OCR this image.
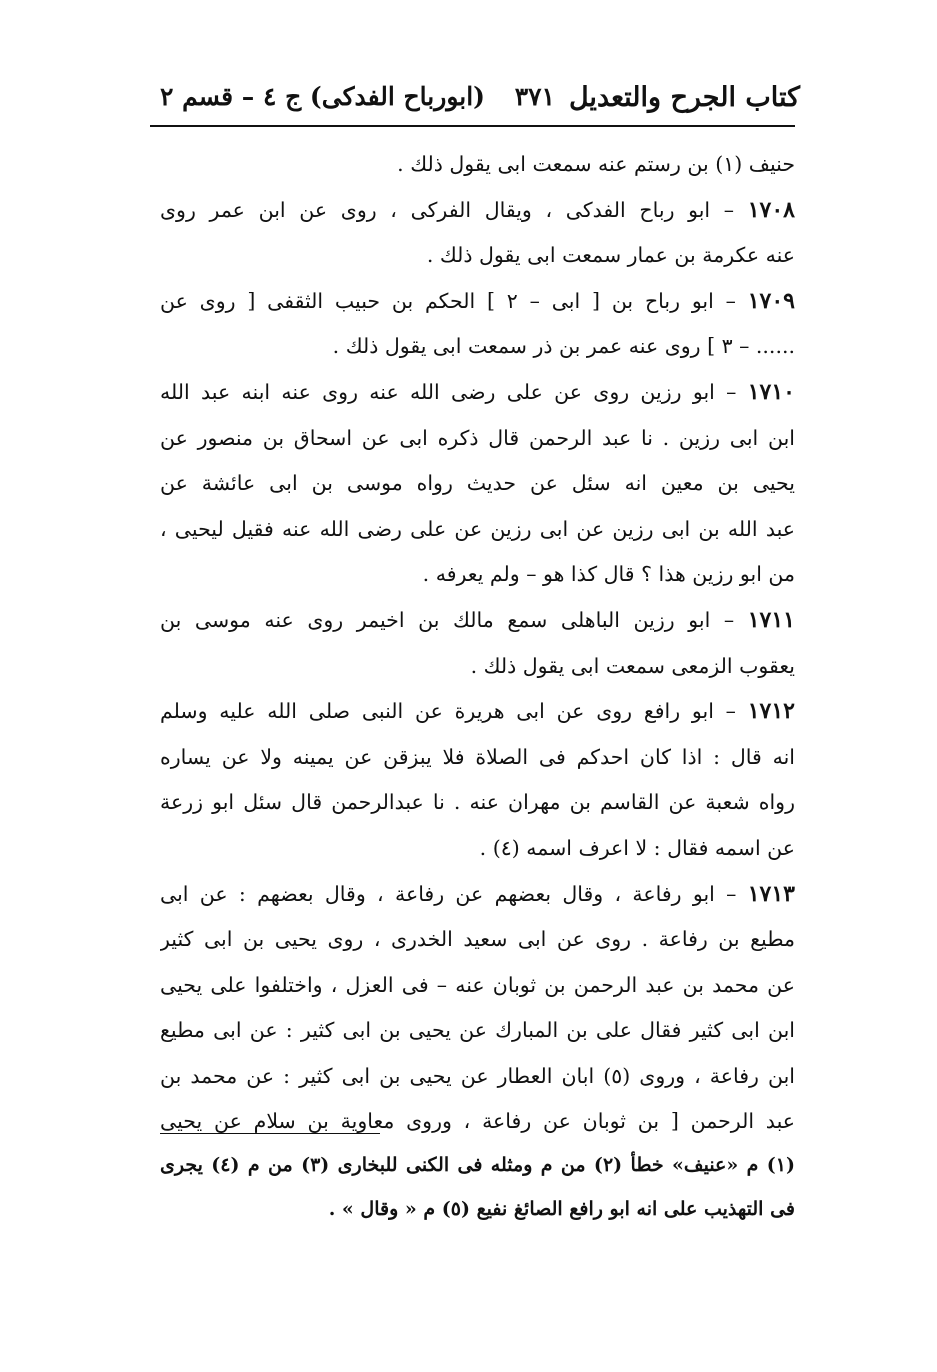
كتاب الجرح والتعديل
٣٧١
(ابورباح الفدكى) ج ٤ – قسم ٢
حنيف (١) بن رستم عنه سمعت ابى يقول ذلك .
١٧٠٨ – ابو رباح الفدكى ، ويقال الفركى ، روى عن ابن عمر روى
عنه عكرمة بن عمار سمعت ابى يقول ذلك .
١٧٠٩ – ابو رباح بن [ ابى – ٢ ] الحكم بن حبيب الثقفى [ روى عن
...... – ٣ ] روى عنه عمر بن ذر سمعت ابى يقول ذلك .
١٧١٠ – ابو رزين روى عن على رضى الله عنه روى عنه ابنه عبد الله
ابن ابى رزين . نا عبد الرحمن قال ذكره ابى عن اسحاق بن منصور عن
يحيى بن معين انه سئل عن حديث رواه موسى بن ابى عائشة عن
عبد الله بن ابى رزين عن ابى رزين عن على رضى الله عنه فقيل ليحيى ،
من ابو رزين هذا ؟ قال كذا هو – ولم يعرفه .
١٧١١ – ابو رزين الباهلى سمع مالك بن اخيمر روى عنه موسى بن
يعقوب الزمعى سمعت ابى يقول ذلك .
١٧١٢ – ابو رافع روى عن ابى هريرة عن النبى صلى الله عليه وسلم
انه قال : اذا كان احدكم فى الصلاة فلا يبزقن عن يمينه ولا عن يساره
رواه شعبة عن القاسم بن مهران عنه . نا عبدالرحمن قال سئل ابو زرعة
عن اسمه فقال : لا اعرف اسمه (٤) .
١٧١٣ – ابو رفاعة ، وقال بعضهم عن رفاعة ، وقال بعضهم : عن ابى
مطيع بن رفاعة . روى عن ابى سعيد الخدرى ، روى يحيى بن ابى كثير
عن محمد بن عبد الرحمن بن ثوبان عنه – فى العزل ، واختلفوا على يحيى
ابن ابى كثير فقال على بن المبارك عن يحيى بن ابى كثير : عن ابى مطيع
ابن رفاعة ، وروى (٥) ابان العطار عن يحيى بن ابى كثير : عن محمد بن
عبد الرحمن [ بن ثوبان عن رفاعة ، وروى معاوية بن سلام عن يحيى
(١) م «عنيف» خطأ (٢) من م ومثله فى الكنى للبخارى (٣) من م (٤) يجرى
فى التهذيب على انه ابو رافع الصائغ نفيع (٥) م « وقال » .
